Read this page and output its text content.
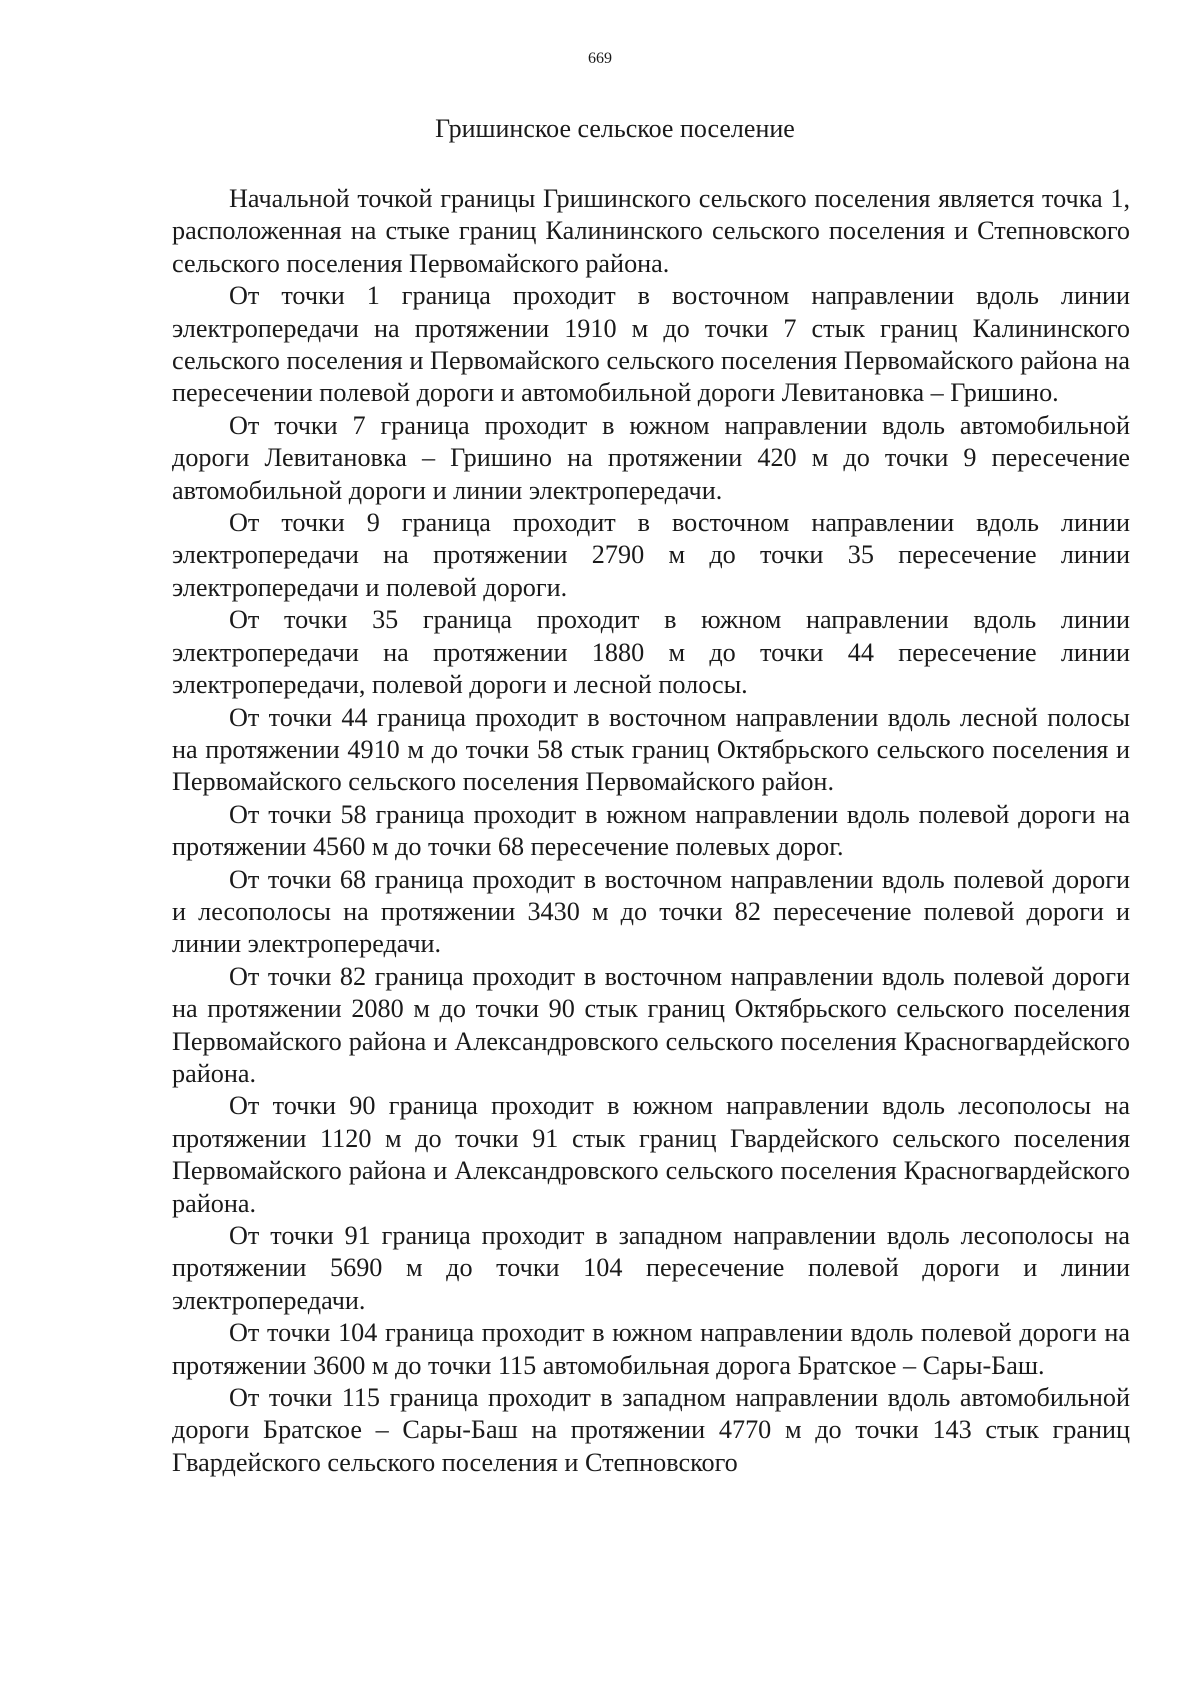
669
Гришинское сельское поселение

Начальной точкой границы Гришинского сельского поселения является точка 1, расположенная на стыке границ Калининского сельского поселения и Степновского сельского поселения Первомайского района.

От точки 1 граница проходит в восточном направлении вдоль линии электропередачи на протяжении 1910 м до точки 7 стык границ Калининского сельского поселения и Первомайского сельского поселения Первомайского района на пересечении полевой дороги и автомобильной дороги Левитановка – Гришино.

От точки 7 граница проходит в южном направлении вдоль автомобильной дороги Левитановка – Гришино на протяжении 420 м до точки 9 пересечение автомобильной дороги и линии электропередачи.

От точки 9 граница проходит в восточном направлении вдоль линии электропередачи на протяжении 2790 м до точки 35 пересечение линии электропередачи и полевой дороги.

От точки 35 граница проходит в южном направлении вдоль линии электропередачи на протяжении 1880 м до точки 44 пересечение линии электропередачи, полевой дороги и лесной полосы.

От точки 44 граница проходит в восточном направлении вдоль лесной полосы на протяжении 4910 м до точки 58 стык границ Октябрьского сельского поселения и Первомайского сельского поселения Первомайского район.

От точки 58 граница проходит в южном направлении вдоль полевой дороги на протяжении 4560 м до точки 68 пересечение полевых дорог.

От точки 68 граница проходит в восточном направлении вдоль полевой дороги и лесополосы на протяжении 3430 м до точки 82 пересечение полевой дороги и линии электропередачи.

От точки 82 граница проходит в восточном направлении вдоль полевой дороги на протяжении 2080 м до точки 90 стык границ Октябрьского сельского поселения Первомайского района и Александровского сельского поселения Красногвардейского района.

От точки 90 граница проходит в южном направлении вдоль лесополосы на протяжении 1120 м до точки 91 стык границ Гвардейского сельского поселения Первомайского района и Александровского сельского поселения Красногвардейского района.

От точки 91 граница проходит в западном направлении вдоль лесополосы на протяжении 5690 м до точки 104 пересечение полевой дороги и линии электропередачи.

От точки 104 граница проходит в южном направлении вдоль полевой дороги на протяжении 3600 м до точки 115 автомобильная дорога Братское – Сары-Баш.

От точки 115 граница проходит в западном направлении вдоль автомобильной дороги Братское – Сары-Баш на протяжении 4770 м до точки 143 стык границ Гвардейского сельского поселения и Степновского
